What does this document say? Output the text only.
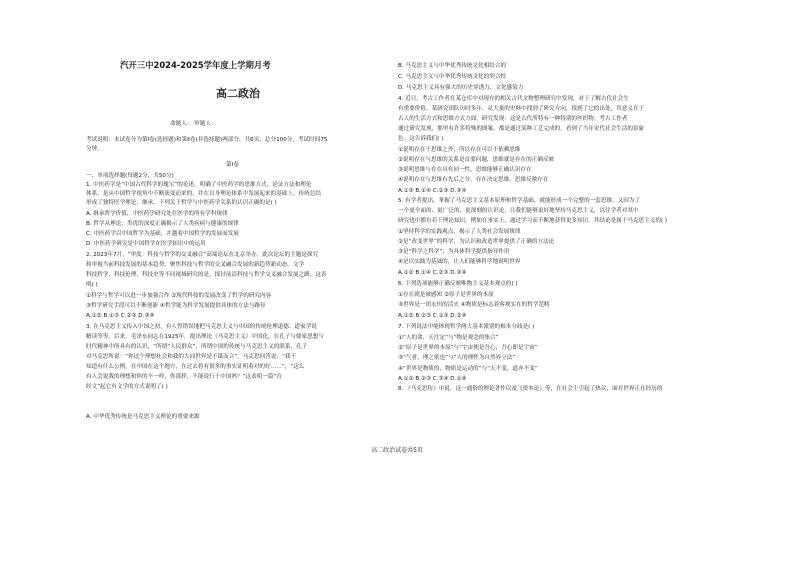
汽开三中2024-2025学年度上学期月考
高二政治
命题人： 审题人：
考试说明：本试卷分为第Ⅰ卷(选择题)和第Ⅱ卷(非选择题)两部分，共6页，总分100分，考试时间75
分钟。
第Ⅰ卷
一、单项选择题(每题2分，共50分)
1. 中医药学是“中国古代科学的瑰宝”的论述，明确了中医药学的思维方式、论证方法和理论
体系。是从中国哲学视角中不断演变而来的，并在自身理论体系中发展起来的基础上，传统总结
形成了独特医学理论，继承、下列关于哲学与中医药学关系的认识正确的是( )
A. 继承哲学价值，中医药学研究处在医学的所有学科规律
B. 哲学从理论、类优的深度正确揭示了人类疾病与健康的规律
C. 中医药学以中国哲学为基础，并越着中国哲学的发展而发展
D. 中医药学研究是中国哲学在医学知识中的运用
2. 2023年7月，“审度：科技与哲学的交叉融合”高端论坛在北京举办，此次论坛的主题是探究
和审视当前科技发展的基本趋势、聚焦科技与哲学的交叉融合发展的新趋势新动态。文学
科技哲学、科技伦理、科技史等不同视域研究的是，探讨前沿科技与哲学交叉融合发展之路。这表
明( )
①科学与哲学可以进一步加强合作 ②现代科技的发展改变了哲学的研究内容
③哲学研究手段可以不断创新 ④哲学能为科学发展提供具体的方法与路径
A.①② B.①③ C.②③ D.③④
3. 在马克思主义传入中国之初，有人曾错误地把马克思主义与中国的传统伦理道德、道家学说
精读等等。后来，毛泽东同志在1925年，提出理论（马克思主义）中国化，在孔子与儒家思想与
时代精神中所具有的认识，“所谓“人民群众”，所谓中国的传统与马克思主义的联系，孔子
对马克思所说：“你这个理想社会和我的大同世界是不谋而合”。马克思回答说：“我不
知道有什么公例，在中国在这个地方，在过去将有很多的事实证明着对的好……”，“这么
有人会说我的理想和你的不一样，你那样，不能说行于中国吗？”这表明一篇“育
经文”起它有文学的方式说明了( )
A. 中华优秀传统是马克思主义理论的重要来源
B. 马克思主义与中华优秀传统文化相结合的
C. 马克思主义与中华优秀传统文化的契合性
D. 马克思主义具有强大的历史穿透力、文化感染力
4. 近日，考古工作者在某仓库中对现存的相关古代文物整理研究中发现，对于了解古代社会生
有重要价值。某研究团队历时多年，从大量的史料中找到了研究方向，找到了它的出处，其意义在于
古人的生活方式和思维方式方面。研究发现：这是古代所特有一种特别的丝织物。考古工作者
通过研究发现，那里有许多特殊的图案，都是通过某种工艺完成的，看到了当年宋代社会生活的景象
色。这告诉我们( )
①说明存在于思维之外，所以存在可以不依赖思维
②说明存在与思维的关系是首要问题，思维就是存在的正确反映
③说明思维与存在具有同一性，思维能够正确认识存在
④说明存在与思维有先后之分，存在决定思维，思维反映存在
A.①③ B.①④ C.②③ D.③④
5. 有学者提出，掌握了马克思主义基本原理和哲学基础，就能形成一个完整的一套思维，又因为了
一个更全面的、更广泛的、更深刻的认识论，让我们能够更好地坚持马克思主义，以往学者对其中
研究也中都有若干理论知识。例如在事实上，通过学习而不断地获得更多知识。其结论是属于马克思主义的( )
①坚持科学的实践观点，揭示了人类社会发展规律
②是“改变世界”的科学，为认识和改造世界提供了正确的方法论
③是“科学之科学”，为具体科学提供指导作用
④是以实践为基础的，让人们能够科学地说明世界
A.①② B.①④ C.②③ D.③④
6. 下列选项能够正确反映唯物主义基本观点的( )
①存在就是被感知 ②原子是世界的本原
③世界是一团永恒的活火 ④物质是标志着客观实在的哲学范畴
A.①② B.②③ C.①③ D.②④
7. 下列说法中能体现哲学两大基本派别的根本分歧是( )
①“人的命，天注定”与“物是观念的集合”
②“原子是世界的本原”与“宇宙便是吾心，吾心即是宇宙”
③“气者，理之依也”与“人的理性为自然界立法”
④“世界是物质的，物质是运动的”与“天不变，道亦不变”
A.①② B.②③ C.③④ D.①④
8. 《马克思传》中说，这一通俗的理论著作以及《资本论》等，在社会上引起了热议，面对世界正在经历的
高二政治试卷共5页
